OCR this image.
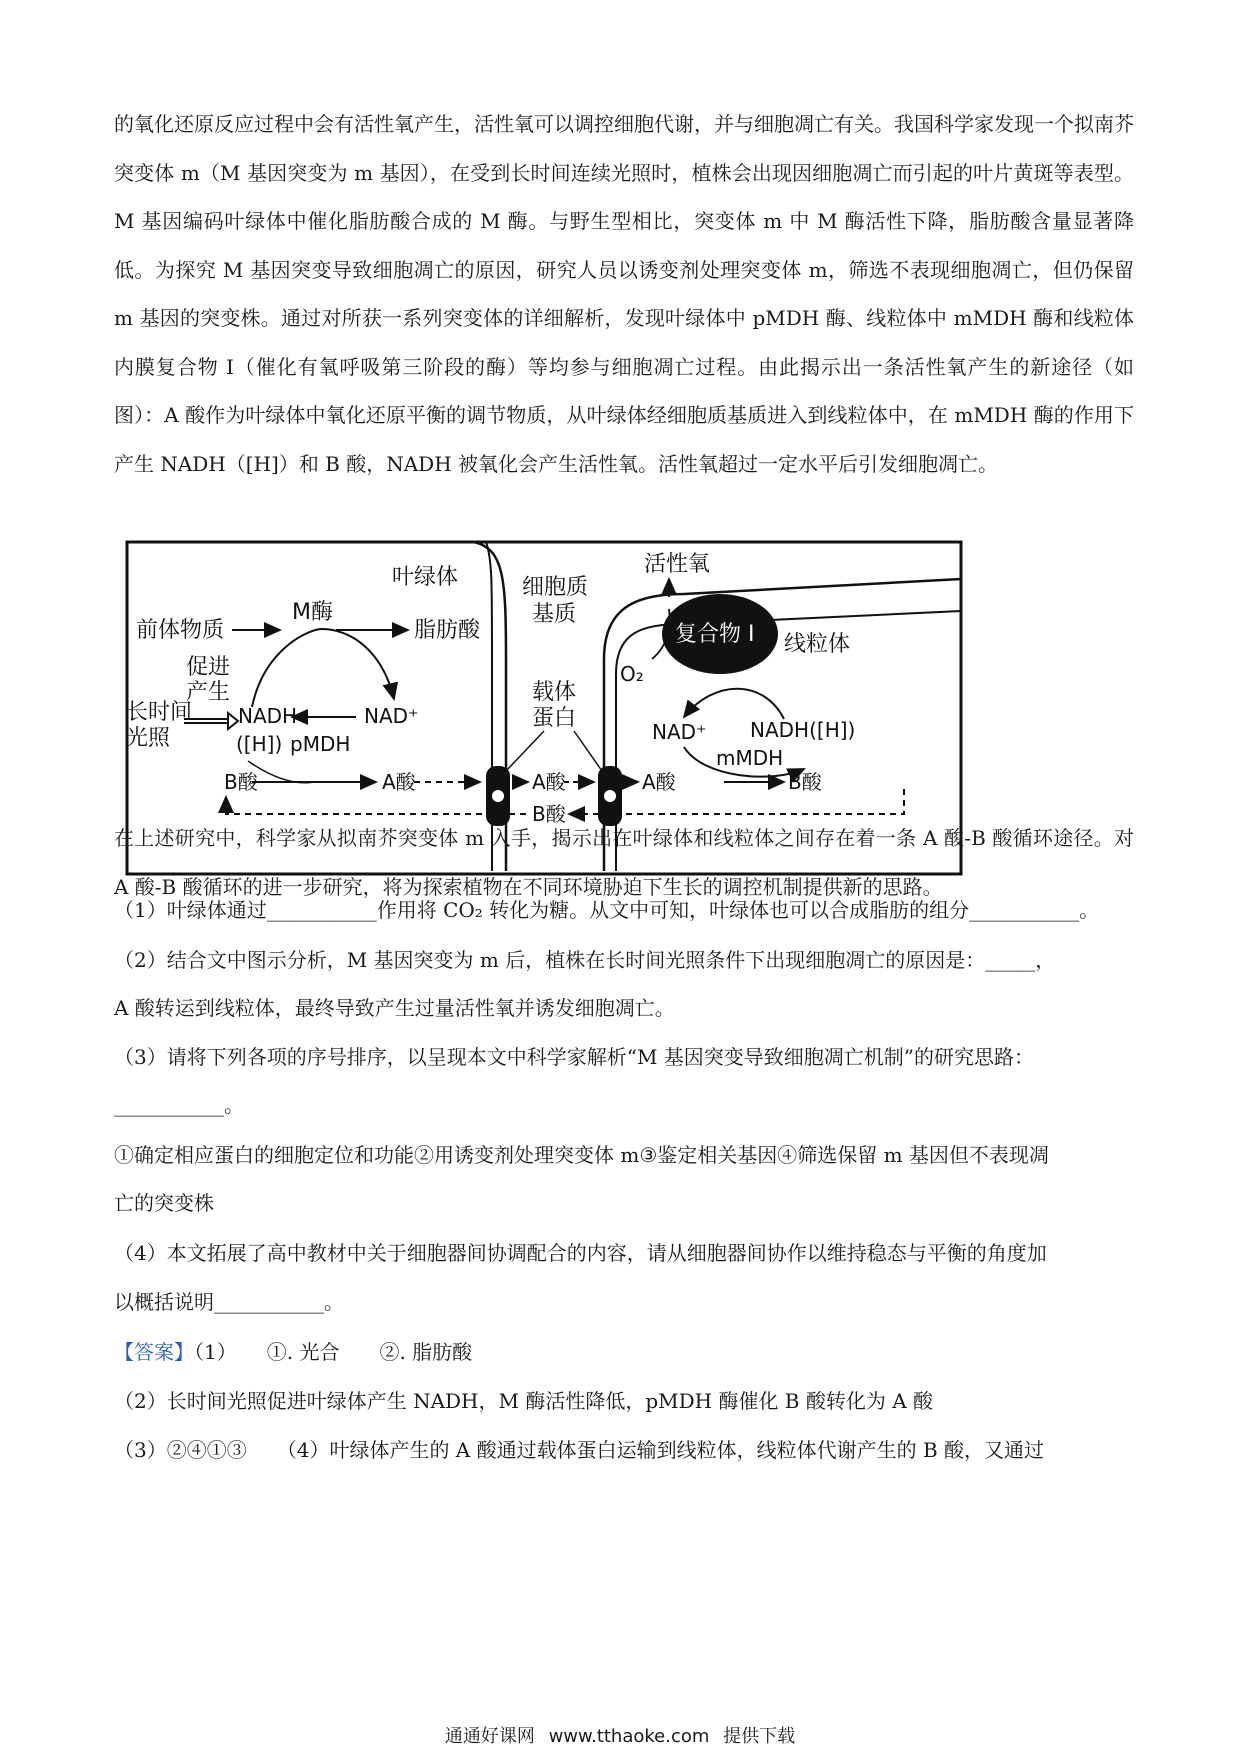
的氧化还原反应过程中会有活性氧产生，活性氧可以调控细胞代谢，并与细胞凋亡有关。我国科学家发现一个拟南芥突变体 m（M 基因突变为 m 基因），在受到长时间连续光照时，植株会出现因细胞凋亡而引起的叶片黄斑等表型。M 基因编码叶绿体中催化脂肪酸合成的 M 酶。与野生型相比，突变体 m 中 M 酶活性下降，脂肪酸含量显著降低。为探究 M 基因突变导致细胞凋亡的原因，研究人员以诱变剂处理突变体 m，筛选不表现细胞凋亡，但仍保留 m 基因的突变株。通过对所获一系列突变体的详细解析，发现叶绿体中 pMDH 酶、线粒体中 mMDH 酶和线粒体内膜复合物 I（催化有氧呼吸第三阶段的酶）等均参与细胞凋亡过程。由此揭示出一条活性氧产生的新途径（如图）：A 酸作为叶绿体中氧化还原平衡的调节物质，从叶绿体经细胞质基质进入到线粒体中，在 mMDH 酶的作用下产生 NADH（[H]）和 B 酸，NADH 被氧化会产生活性氧。活性氧超过一定水平后引发细胞凋亡。

叶绿体	细胞质
基质
活性氧
复合物 I 线粒体
前体物质
M酶
脂肪酸
促进
产生
长时间
光照
NADH
([H])
NAD⁺
pMDH
B酸	A酸
载体
蛋白
A酸
B酸
O₂
NAD⁺ NADH([H])
mMDH
A酸	B酸

在上述研究中，科学家从拟南芥突变体 m 入手，揭示出在叶绿体和线粒体之间存在着一条 A 酸-B 酸循环途径。对 A 酸-B 酸循环的进一步研究，将为探索植物在不同环境胁迫下生长的调控机制提供新的思路。

（1）叶绿体通过___________作用将 CO₂ 转化为糖。从文中可知，叶绿体也可以合成脂肪的组分___________。

（2）结合文中图示分析，M 基因突变为 m 后，植株在长时间光照条件下出现细胞凋亡的原因是：_____，

A 酸转运到线粒体，最终导致产生过量活性氧并诱发细胞凋亡。

（3）请将下列各项的序号排序，以呈现本文中科学家解析“M 基因突变导致细胞凋亡机制”的研究思路：

___________。

①确定相应蛋白的细胞定位和功能②用诱变剂处理突变体 m③鉴定相关基因④筛选保留 m 基因但不表现凋

亡的突变株

（4）本文拓展了高中教材中关于细胞器间协调配合的内容，请从细胞器间协作以维持稳态与平衡的角度加

以概括说明___________。

【答案】（1）　　①. 光合　　②. 脂肪酸

（2）长时间光照促进叶绿体产生 NADH，M 酶活性降低，pMDH 酶催化 B 酸转化为 A 酸

（3）②④①③　　（4）叶绿体产生的 A 酸通过载体蛋白运输到线粒体，线粒体代谢产生的 B 酸，又通过

通通好课网 www.tthaoke.com 提供下载
